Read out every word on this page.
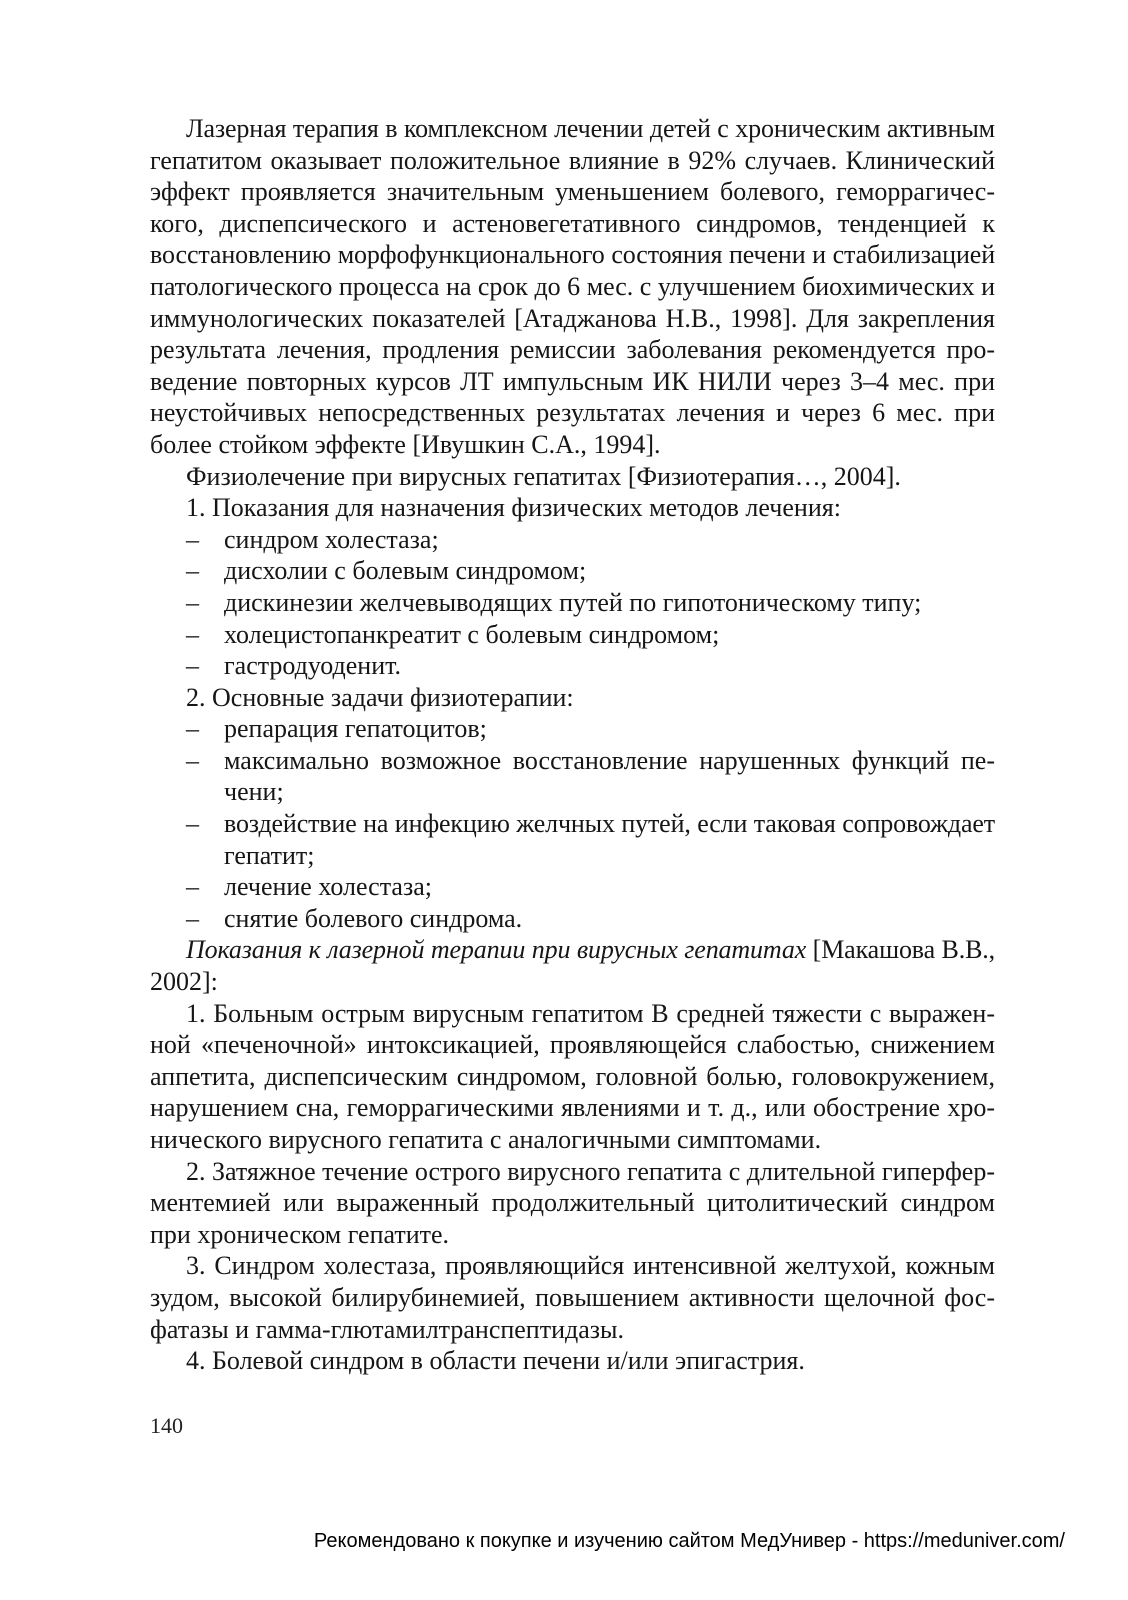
Лазерная терапия в комплексном лечении детей с хроническим активным
гепатитом оказывает положительное влияние в 92% случаев. Клинический
эффект проявляется значительным уменьшением болевого, геморрагичес-
кого, диспепсического и астеновегетативного синдромов, тенденцией к
восстановлению морфофункционального состояния печени и стабилизацией
патологического процесса на срок до 6 мес. с улучшением биохимических и
иммунологических показателей [Атаджанова Н.В., 1998]. Для закрепления
результата лечения, продления ремиссии заболевания рекомендуется про-
ведение повторных курсов ЛТ импульсным ИК НИЛИ через 3–4 мес. при
неустойчивых непосредственных результатах лечения и через 6 мес. при
более стойком эффекте [Ивушкин С.А., 1994].
Физиолечение при вирусных гепатитах [Физиотерапия…, 2004].
1. Показания для назначения физических методов лечения:
– синдром холестаза;
– дисхолии с болевым синдромом;
– дискинезии желчевыводящих путей по гипотоническому типу;
– холецистопанкреатит с болевым синдромом;
– гастродуоденит.
2. Основные задачи физиотерапии:
– репарация гепатоцитов;
– максимально возможное восстановление нарушенных функций пе-
чени;
– воздействие на инфекцию желчных путей, если таковая сопровождает
гепатит;
– лечение холестаза;
– снятие болевого синдрома.
Показания к лазерной терапии при вирусных гепатитах [Макашова В.В.,
2002]:
1. Больным острым вирусным гепатитом В средней тяжести с выражен-
ной «печеночной» интоксикацией, проявляющейся слабостью, снижением
аппетита, диспепсическим синдромом, головной болью, головокружением,
нарушением сна, геморрагическими явлениями и т. д., или обострение хро-
нического вирусного гепатита с аналогичными симптомами.
2. Затяжное течение острого вирусного гепатита с длительной гиперфер-
ментемией или выраженный продолжительный цитолитический синдром
при хроническом гепатите.
3. Синдром холестаза, проявляющийся интенсивной желтухой, кожным
зудом, высокой билирубинемией, повышением активности щелочной фос-
фатазы и гамма-глютамилтранспептидазы.
4. Болевой синдром в области печени и/или эпигастрия.
140
Рекомендовано к покупке и изучению сайтом МедУнивер - https://meduniver.com/
